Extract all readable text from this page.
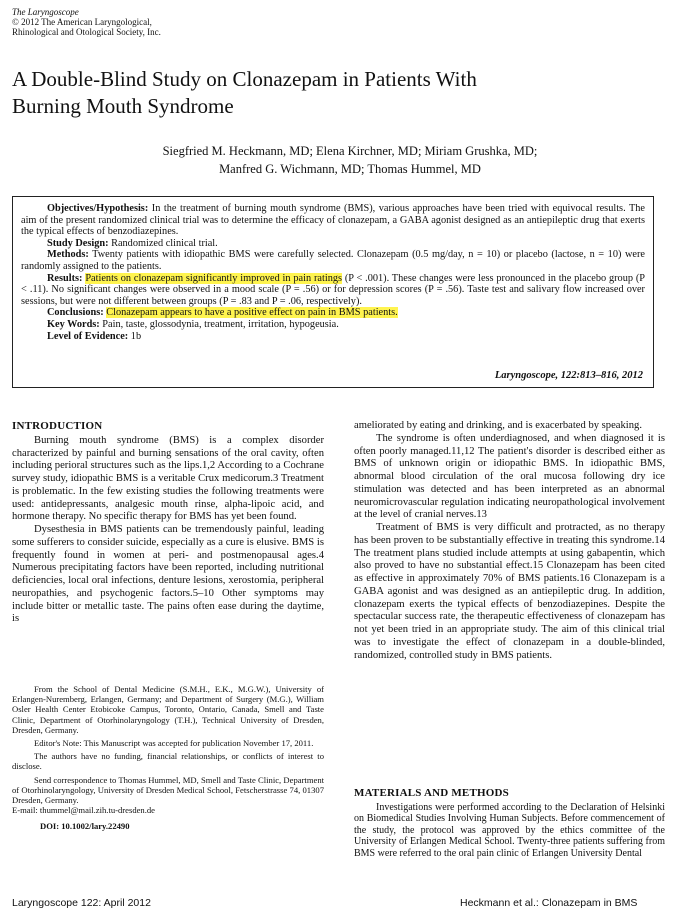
The Laryngoscope
© 2012 The American Laryngological,
Rhinological and Otological Society, Inc.
A Double-Blind Study on Clonazepam in Patients With
Burning Mouth Syndrome
Siegfried M. Heckmann, MD; Elena Kirchner, MD; Miriam Grushka, MD;
Manfred G. Wichmann, MD; Thomas Hummel, MD

Objectives/Hypothesis: In the treatment of burning mouth syndrome (BMS), various approaches have been tried with equivocal results. The aim of the present randomized clinical trial was to determine the efficacy of clonazepam, a GABA agonist designed as an antiepileptic drug that exerts the typical effects of benzodiazepines.

Study Design: Randomized clinical trial.

Methods: Twenty patients with idiopathic BMS were carefully selected. Clonazepam (0.5 mg/day, n = 10) or placebo (lactose, n = 10) were randomly assigned to the patients.

Results: Patients on clonazepam significantly improved in pain ratings (P < .001). These changes were less pronounced in the placebo group (P < .11). No significant changes were observed in a mood scale (P = .56) or for depression scores (P = .56). Taste test and salivary flow increased over sessions, but were not different between groups (P = .83 and P = .06, respectively).

Conclusions: Clonazepam appears to have a positive effect on pain in BMS patients.

Key Words: Pain, taste, glossodynia, treatment, irritation, hypogeusia.

Level of Evidence: 1b

Laryngoscope, 122:813–816, 2012
INTRODUCTION

Burning mouth syndrome (BMS) is a complex disorder characterized by painful and burning sensations of the oral cavity, often including perioral structures such as the lips.1,2 According to a Cochrane survey study, idiopathic BMS is a veritable Crux medicorum.3 Treatment is problematic. In the few existing studies the following treatments were used: antidepressants, analgesic mouth rinse, alpha-lipoic acid, and hormone therapy. No specific therapy for BMS has yet been found.

Dysesthesia in BMS patients can be tremendously painful, leading some sufferers to consider suicide, especially as a cure is elusive. BMS is frequently found in women at peri- and postmenopausal ages.4 Numerous precipitating factors have been reported, including nutritional deficiencies, local oral infections, denture lesions, xerostomia, peripheral neuropathies, and psychogenic factors.5–10 Other symptoms may include bitter or metallic taste. The pains often ease during the daytime, is

ameliorated by eating and drinking, and is exacerbated by speaking.

The syndrome is often underdiagnosed, and when diagnosed it is often poorly managed.11,12 The patient's disorder is described either as BMS of unknown origin or idiopathic BMS. In idiopathic BMS, abnormal blood circulation of the oral mucosa following dry ice stimulation was detected and has been interpreted as an abnormal neuromicrovascular regulation indicating neuropathological involvement at the level of cranial nerves.13

Treatment of BMS is very difficult and protracted, as no therapy has been proven to be substantially effective in treating this syndrome.14 The treatment plans studied include attempts at using gabapentin, which also proved to have no substantial effect.15 Clonazepam has been cited as effective in approximately 70% of BMS patients.16 Clonazepam is a GABA agonist and was designed as an antiepileptic drug. In addition, clonazepam exerts the typical effects of benzodiazepines. Despite the spectacular success rate, the therapeutic effectiveness of clonazepam has not yet been tried in an appropriate study. The aim of this clinical trial was to investigate the effect of clonazepam in a double-blinded, randomized, controlled study in BMS patients.

From the School of Dental Medicine (S.M.H., E.K., M.G.W.), University of Erlangen-Nuremberg, Erlangen, Germany; and Department of Surgery (M.G.), William Osler Health Center Etobicoke Campus, Toronto, Ontario, Canada, Smell and Taste Clinic, Department of Otorhinolaryngology (T.H.), Technical University of Dresden, Dresden, Germany.

Editor's Note: This Manuscript was accepted for publication November 17, 2011.

The authors have no funding, financial relationships, or conflicts of interest to disclose.

Send correspondence to Thomas Hummel, MD, Smell and Taste Clinic, Department of Otorhinolaryngology, University of Dresden Medical School, Fetscherstrasse 74, 01307 Dresden, Germany.

E-mail: thummel@mail.zih.tu-dresden.de

DOI: 10.1002/lary.22490

MATERIALS AND METHODS

Investigations were performed according to the Declaration of Helsinki on Biomedical Studies Involving Human Subjects. Before commencement of the study, the protocol was approved by the ethics committee of the University of Erlangen Medical School. Twenty-three patients suffering from BMS were referred to the oral pain clinic of Erlangen University Dental

Laryngoscope 122: April 2012	Heckmann et al.: Clonazepam in BMS
